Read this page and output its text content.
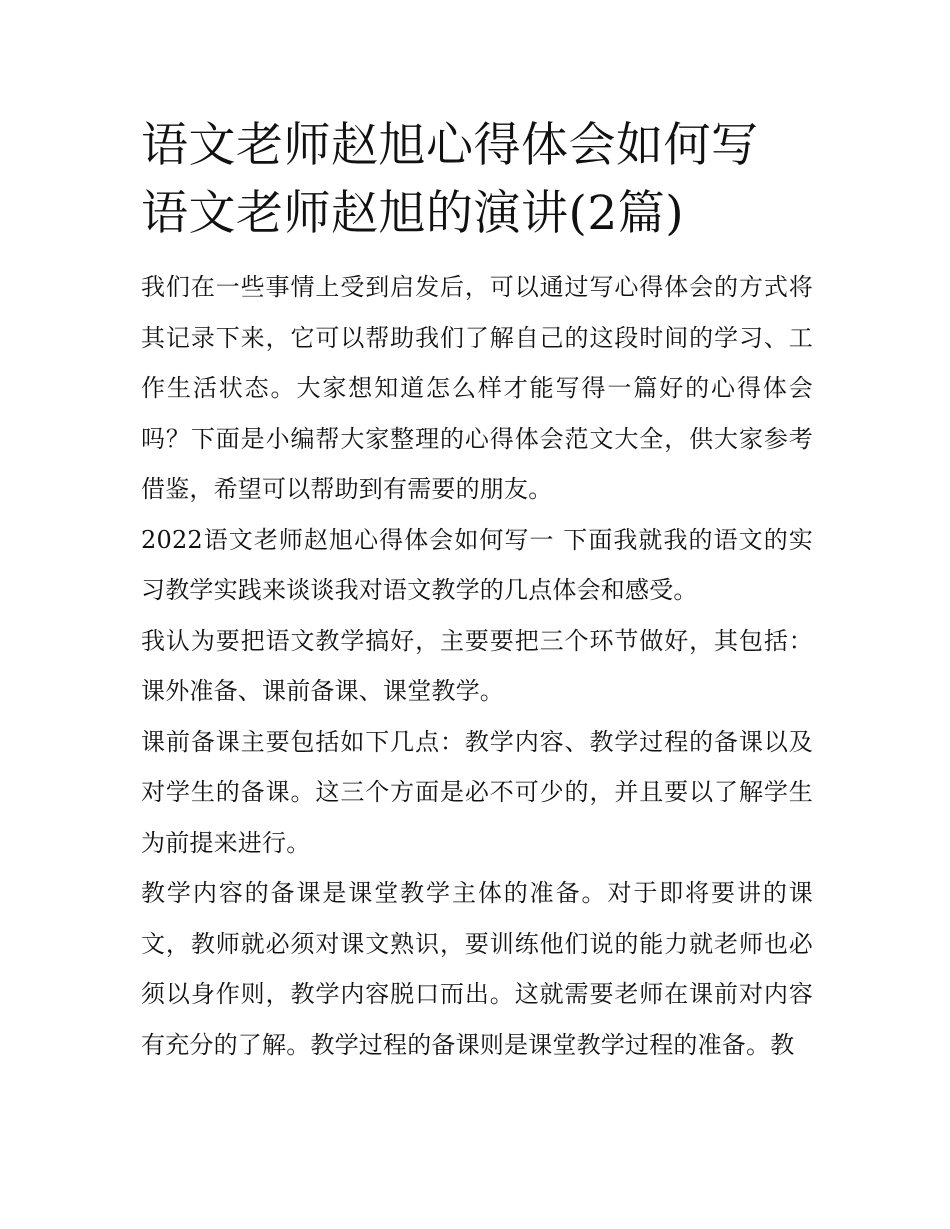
语文老师赵旭心得体会如何写
语文老师赵旭的演讲(2篇)

我们在一些事情上受到启发后，可以通过写心得体会的方式将其记录下来，它可以帮助我们了解自己的这段时间的学习、工作生活状态。大家想知道怎么样才能写得一篇好的心得体会吗？下面是小编帮大家整理的心得体会范文大全，供大家参考借鉴，希望可以帮助到有需要的朋友。

2022语文老师赵旭心得体会如何写一 下面我就我的语文的实习教学实践来谈谈我对语文教学的几点体会和感受。

我认为要把语文教学搞好，主要要把三个环节做好，其包括：课外准备、课前备课、课堂教学。

课前备课主要包括如下几点：教学内容、教学过程的备课以及对学生的备课。这三个方面是必不可少的，并且要以了解学生为前提来进行。

教学内容的备课是课堂教学主体的准备。对于即将要讲的课文，教师就必须对课文熟识，要训练他们说的能力就老师也必须以身作则，教学内容脱口而出。这就需要老师在课前对内容有充分的了解。教学过程的备课则是课堂教学过程的准备。教
